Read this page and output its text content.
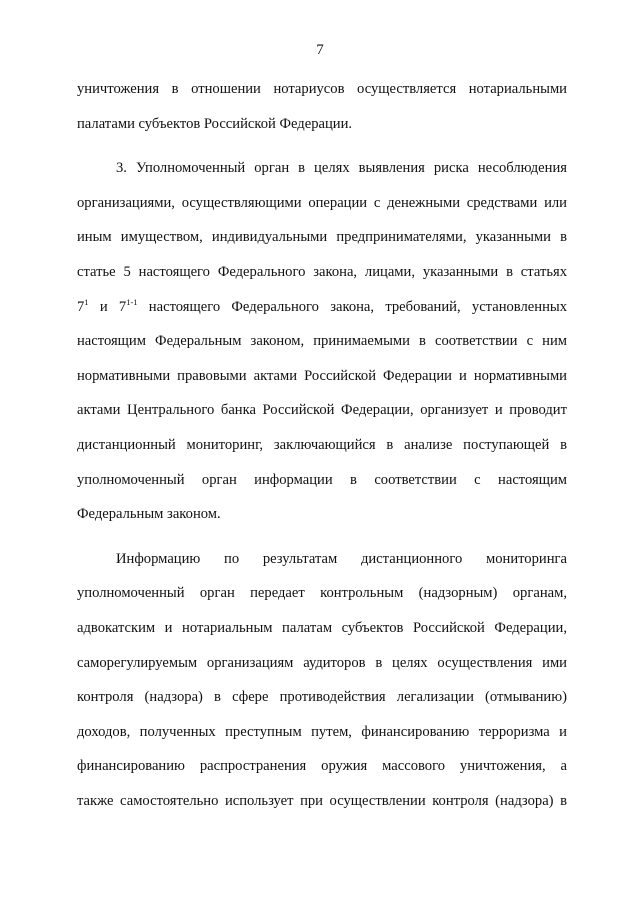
7
уничтожения в отношении нотариусов осуществляется нотариальными
палатами субъектов Российской Федерации.
3. Уполномоченный орган в целях выявления риска несоблюдения
организациями, осуществляющими операции с денежными средствами или
иным имуществом, индивидуальными предпринимателями, указанными в
статье 5 настоящего Федерального закона, лицами, указанными в статьях
$7^1$ и 7$^{1-1}$ настоящего Федерального закона, требований, установленных
настоящим Федеральным законом, принимаемыми в соответствии с ним
нормативными правовыми актами Российской Федерации и нормативными
актами Центрального банка Российской Федерации, организует и проводит
дистанционный мониторинг, заключающийся в анализе поступающей в
уполномоченный орган информации в соответствии с настоящим
Федеральным законом.
Информацию по результатам дистанционного мониторинга
уполномоченный орган передает контрольным (надзорным) органам,
адвокатским и нотариальным палатам субъектов Российской Федерации,
саморегулируемым организациям аудиторов в целях осуществления ими
контроля (надзора) в сфере противодействия легализации (отмыванию)
доходов, полученных преступным путем, финансированию терроризма и
финансированию распространения оружия массового уничтожения, а
также самостоятельно использует при осуществлении контроля (надзора) в
